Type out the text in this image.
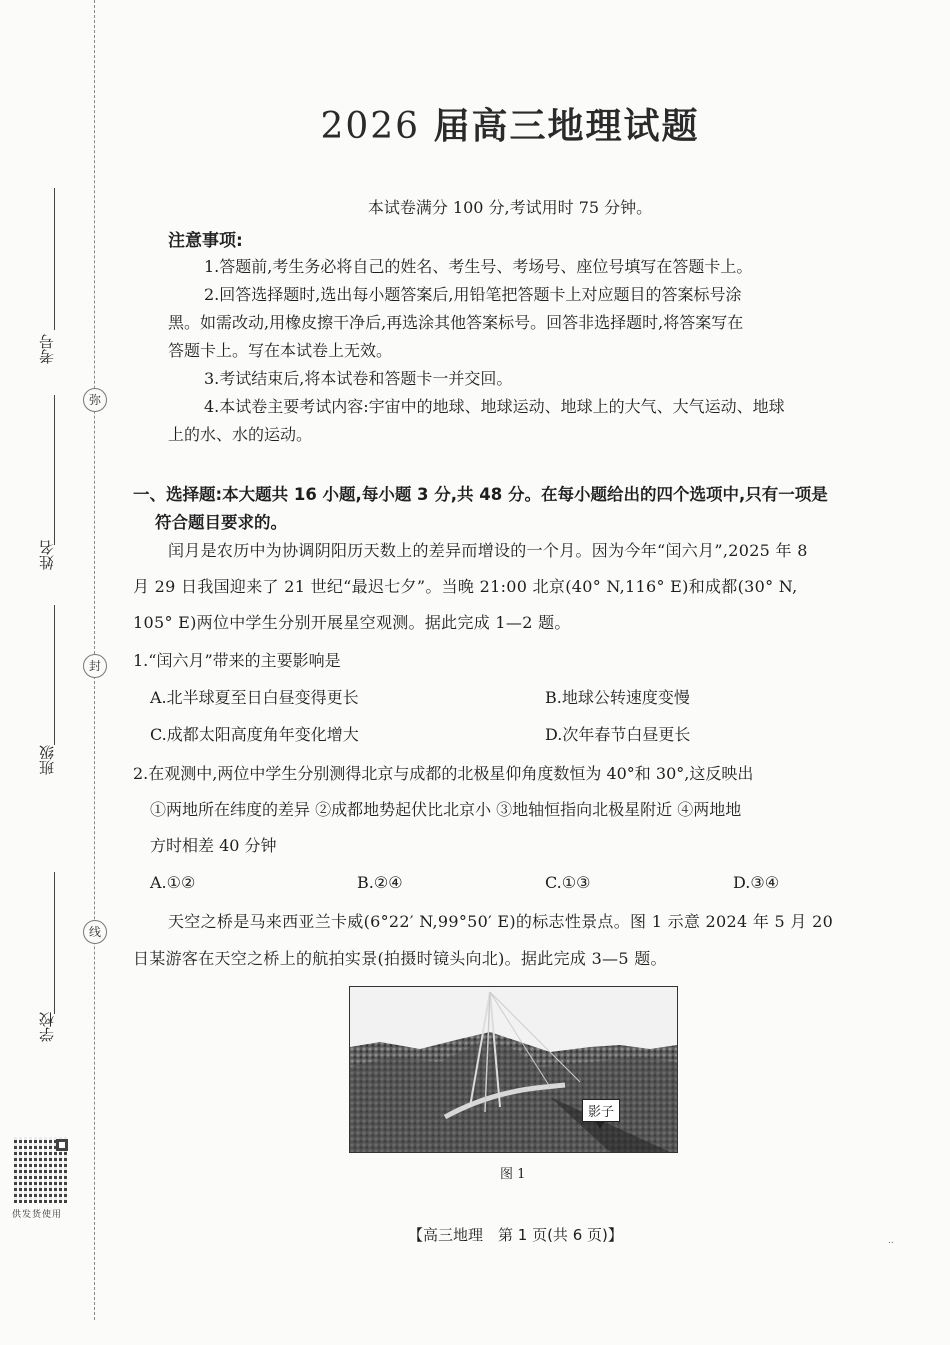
弥
封
线
考号
姓名
班级
学校
供发货使用
2026 届高三地理试题
本试卷满分 100 分,考试用时 75 分钟。
注意事项:
1.答题前,考生务必将自己的姓名、考生号、考场号、座位号填写在答题卡上。
2.回答选择题时,选出每小题答案后,用铅笔把答题卡上对应题目的答案标号涂
黑。如需改动,用橡皮擦干净后,再选涂其他答案标号。回答非选择题时,将答案写在
答题卡上。写在本试卷上无效。
3.考试结束后,将本试卷和答题卡一并交回。
4.本试卷主要考试内容:宇宙中的地球、地球运动、地球上的大气、大气运动、地球
上的水、水的运动。
一、选择题:本大题共 16 小题,每小题 3 分,共 48 分。在每小题给出的四个选项中,只有一项是
符合题目要求的。
闰月是农历中为协调阴阳历天数上的差异而增设的一个月。因为今年“闰六月”,2025 年 8
月 29 日我国迎来了 21 世纪“最迟七夕”。当晚 21:00 北京(40° N,116° E)和成都(30° N,
105° E)两位中学生分别开展星空观测。据此完成 1—2 题。
1.“闰六月”带来的主要影响是
A.北半球夏至日白昼变得更长	B.地球公转速度变慢
C.成都太阳高度角年变化增大	D.次年春节白昼更长
2.在观测中,两位中学生分别测得北京与成都的北极星仰角度数恒为 40°和 30°,这反映出
①两地所在纬度的差异 ②成都地势起伏比北京小 ③地轴恒指向北极星附近 ④两地地
方时相差 40 分钟
A.①②	B.②④	C.①③	D.③④
天空之桥是马来西亚兰卡威(6°22′ N,99°50′ E)的标志性景点。图 1 示意 2024 年 5 月 20
日某游客在天空之桥上的航拍实景(拍摄时镜头向北)。据此完成 3—5 题。
影子
图 1
【高三地理　第 1 页(共 6 页)】	..
